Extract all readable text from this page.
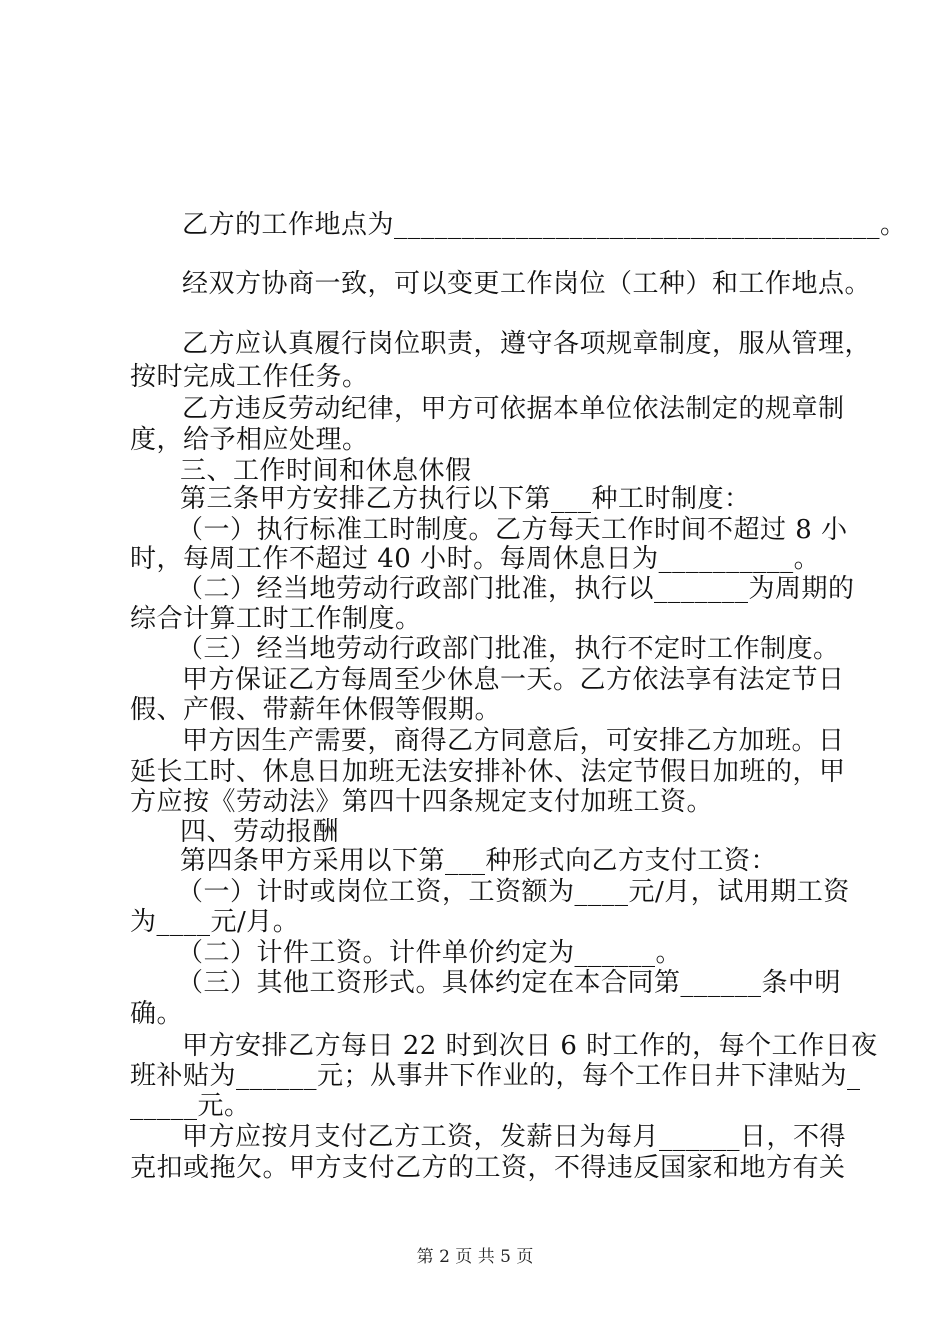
乙方的工作地点为____________________________________。
经双方协商一致，可以变更工作岗位（工种）和工作地点。
乙方应认真履行岗位职责，遵守各项规章制度，服从管理，
按时完成工作任务。
乙方违反劳动纪律，甲方可依据本单位依法制定的规章制
度，给予相应处理。
三、工作时间和休息休假
第三条甲方安排乙方执行以下第___种工时制度：
（一）执行标准工时制度。乙方每天工作时间不超过 8 小
时，每周工作不超过 40 小时。每周休息日为__________。
（二）经当地劳动行政部门批准，执行以_______为周期的
综合计算工时工作制度。
（三）经当地劳动行政部门批准，执行不定时工作制度。
甲方保证乙方每周至少休息一天。乙方依法享有法定节日
假、产假、带薪年休假等假期。
甲方因生产需要，商得乙方同意后，可安排乙方加班。日
延长工时、休息日加班无法安排补休、法定节假日加班的，甲
方应按《劳动法》第四十四条规定支付加班工资。
四、劳动报酬
第四条甲方采用以下第___种形式向乙方支付工资：
（一）计时或岗位工资，工资额为____元/月，试用期工资
为____元/月。
（二）计件工资。计件单价约定为______。
（三）其他工资形式。具体约定在本合同第______条中明
确。
甲方安排乙方每日 22 时到次日 6 时工作的，每个工作日夜
班补贴为______元；从事井下作业的，每个工作日井下津贴为_
_____元。
甲方应按月支付乙方工资，发薪日为每月______日，不得
克扣或拖欠。甲方支付乙方的工资，不得违反国家和地方有关
第 2 页 共 5 页
